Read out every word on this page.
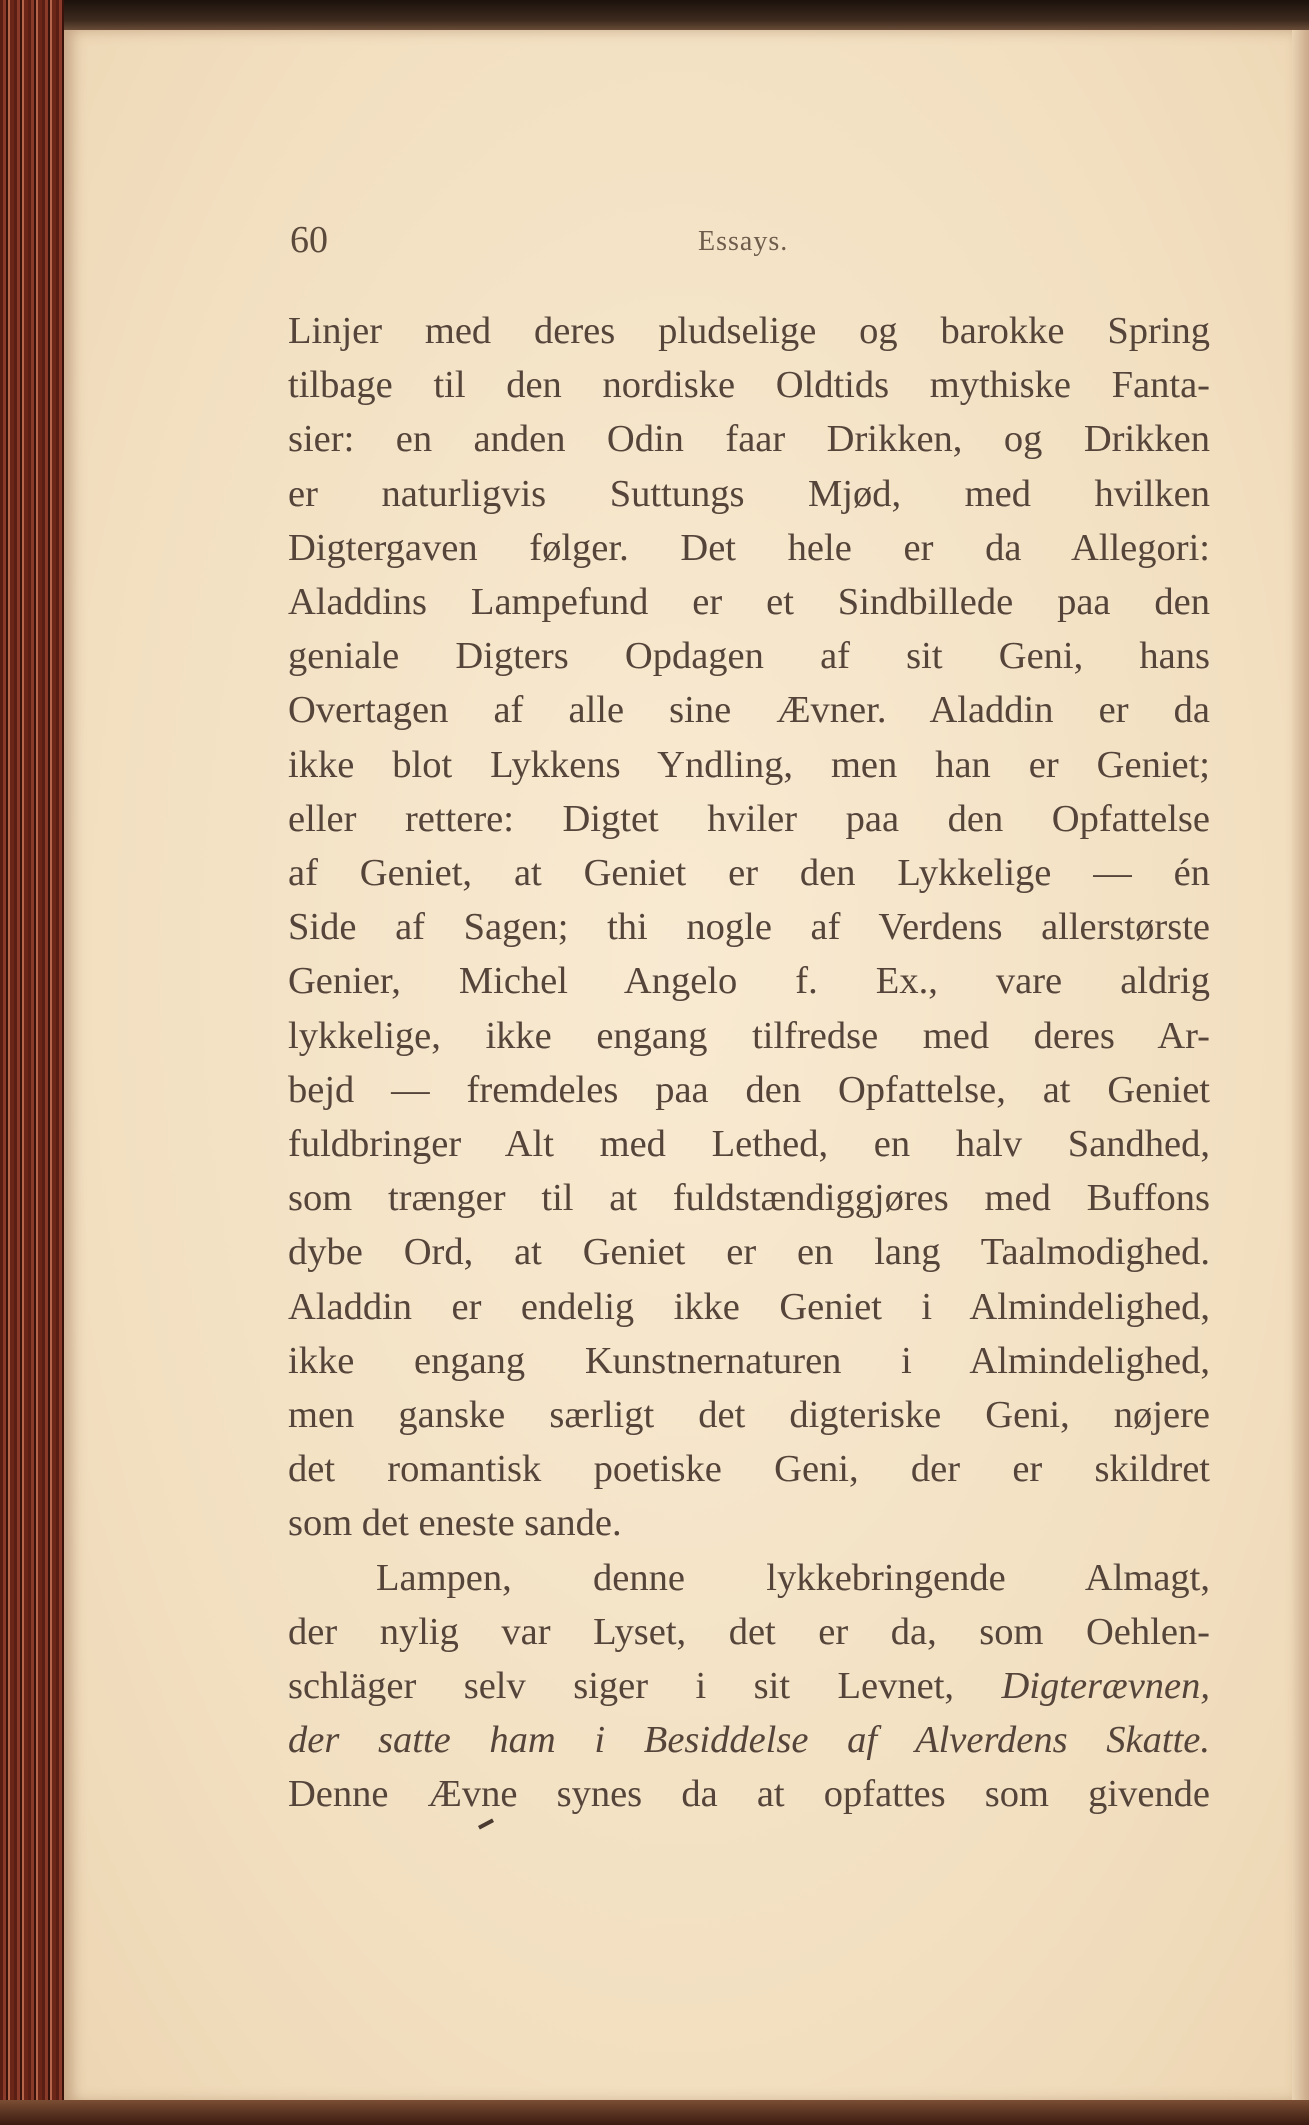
60	Essays.

Linjer med deres pludselige og barokke Spring
tilbage til den nordiske Oldtids mythiske Fanta-
sier: en anden Odin faar Drikken, og Drikken
er naturligvis Suttungs Mjød, med hvilken
Digtergaven følger. Det hele er da Allegori:
Aladdins Lampefund er et Sindbillede paa den
geniale Digters Opdagen af sit Geni, hans
Overtagen af alle sine Ævner. Aladdin er da
ikke blot Lykkens Yndling, men han er Geniet;
eller rettere: Digtet hviler paa den Opfattelse
af Geniet, at Geniet er den Lykkelige — én
Side af Sagen; thi nogle af Verdens allerstørste
Genier, Michel Angelo f. Ex., vare aldrig
lykkelige, ikke engang tilfredse med deres Ar-
bejd — fremdeles paa den Opfattelse, at Geniet
fuldbringer Alt med Lethed, en halv Sandhed,
som trænger til at fuldstændiggjøres med Buffons
dybe Ord, at Geniet er en lang Taalmodighed.
Aladdin er endelig ikke Geniet i Almindelighed,
ikke engang Kunstnernaturen i Almindelighed,
men ganske særligt det digteriske Geni, nøjere
det romantisk poetiske Geni, der er skildret
som det eneste sande.

Lampen, denne lykkebringende Almagt,
der nylig var Lyset, det er da, som Oehlen-
schläger selv siger i sit Levnet, Digterævnen,
der satte ham i Besiddelse af Alverdens Skatte.
Denne Ævne synes da at opfattes som givende
